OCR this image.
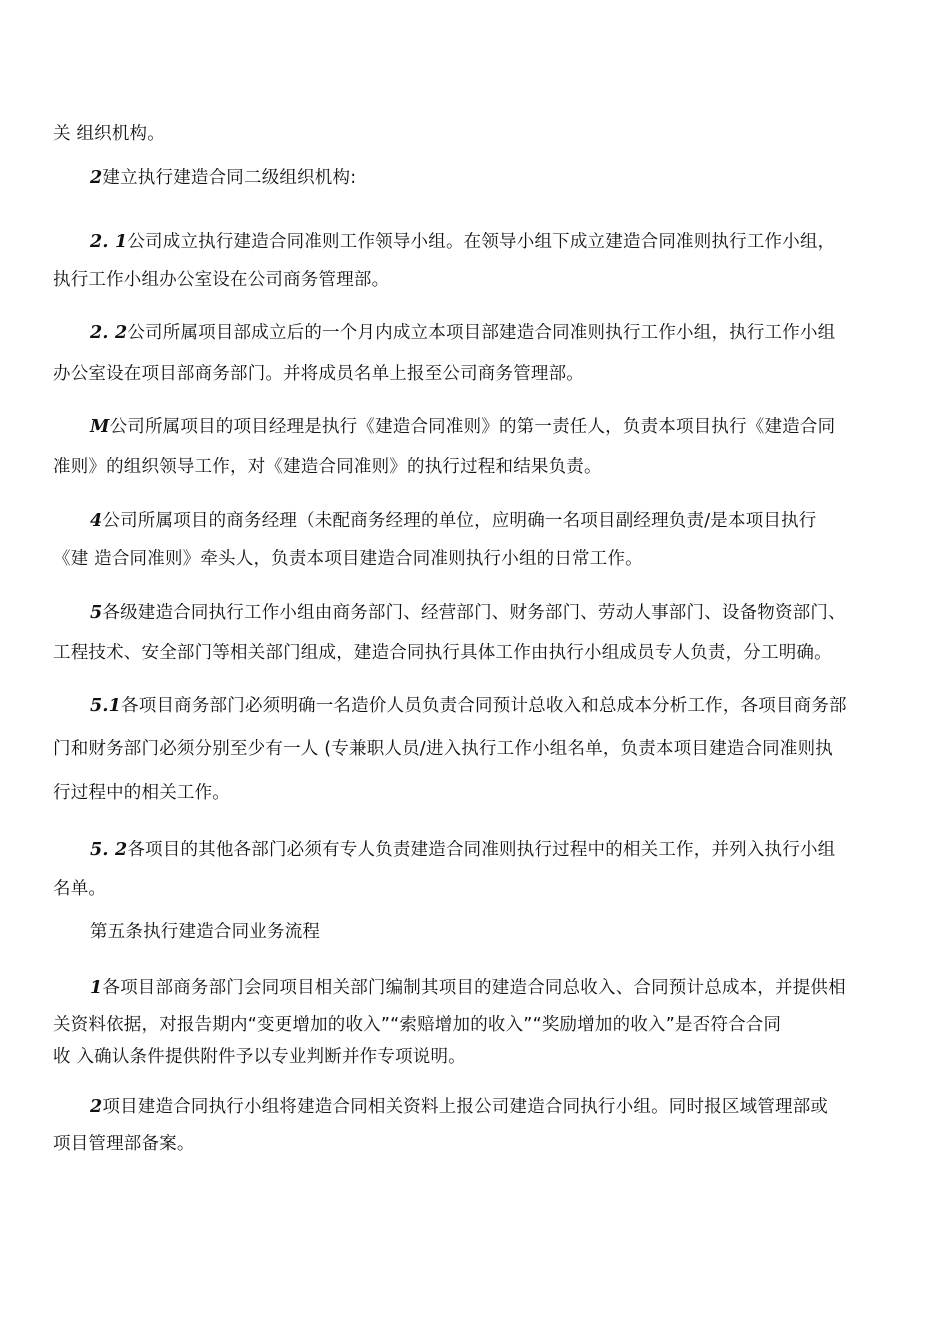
关 组织机构。
2建立执行建造合同二级组织机构:
2. 1公司成立执行建造合同准则工作领导小组。在领导小组下成立建造合同准则执行工作小组，
执行工作小组办公室设在公司商务管理部。
2. 2公司所属项目部成立后的一个月内成立本项目部建造合同准则执行工作小组，执行工作小组
办公室设在项目部商务部门。并将成员名单上报至公司商务管理部。
M公司所属项目的项目经理是执行《建造合同准则》的第一责任人，负责本项目执行《建造合同
准则》的组织领导工作，对《建造合同准则》的执行过程和结果负责。
4公司所属项目的商务经理（未配商务经理的单位，应明确一名项目副经理负责/是本项目执行
《建 造合同准则》牵头人，负责本项目建造合同准则执行小组的日常工作。
5各级建造合同执行工作小组由商务部门、经营部门、财务部门、劳动人事部门、设备物资部门、
工程技术、安全部门等相关部门组成，建造合同执行具体工作由执行小组成员专人负责，分工明确。
5.1各项目商务部门必须明确一名造价人员负责合同预计总收入和总成本分析工作，各项目商务部
门和财务部门必须分别至少有一人 (专兼职人员/进入执行工作小组名单，负责本项目建造合同准则执
行过程中的相关工作。
5. 2各项目的其他各部门必须有专人负责建造合同准则执行过程中的相关工作，并列入执行小组
名单。
第五条执行建造合同业务流程
1各项目部商务部门会同项目相关部门编制其项目的建造合同总收入、合同预计总成本，并提供相
关资料依据，对报告期内“变更增加的收入”“索赔增加的收入”“奖励增加的收入”是否符合合同
收 入确认条件提供附件予以专业判断并作专项说明。
2项目建造合同执行小组将建造合同相关资料上报公司建造合同执行小组。同时报区域管理部或
项目管理部备案。
